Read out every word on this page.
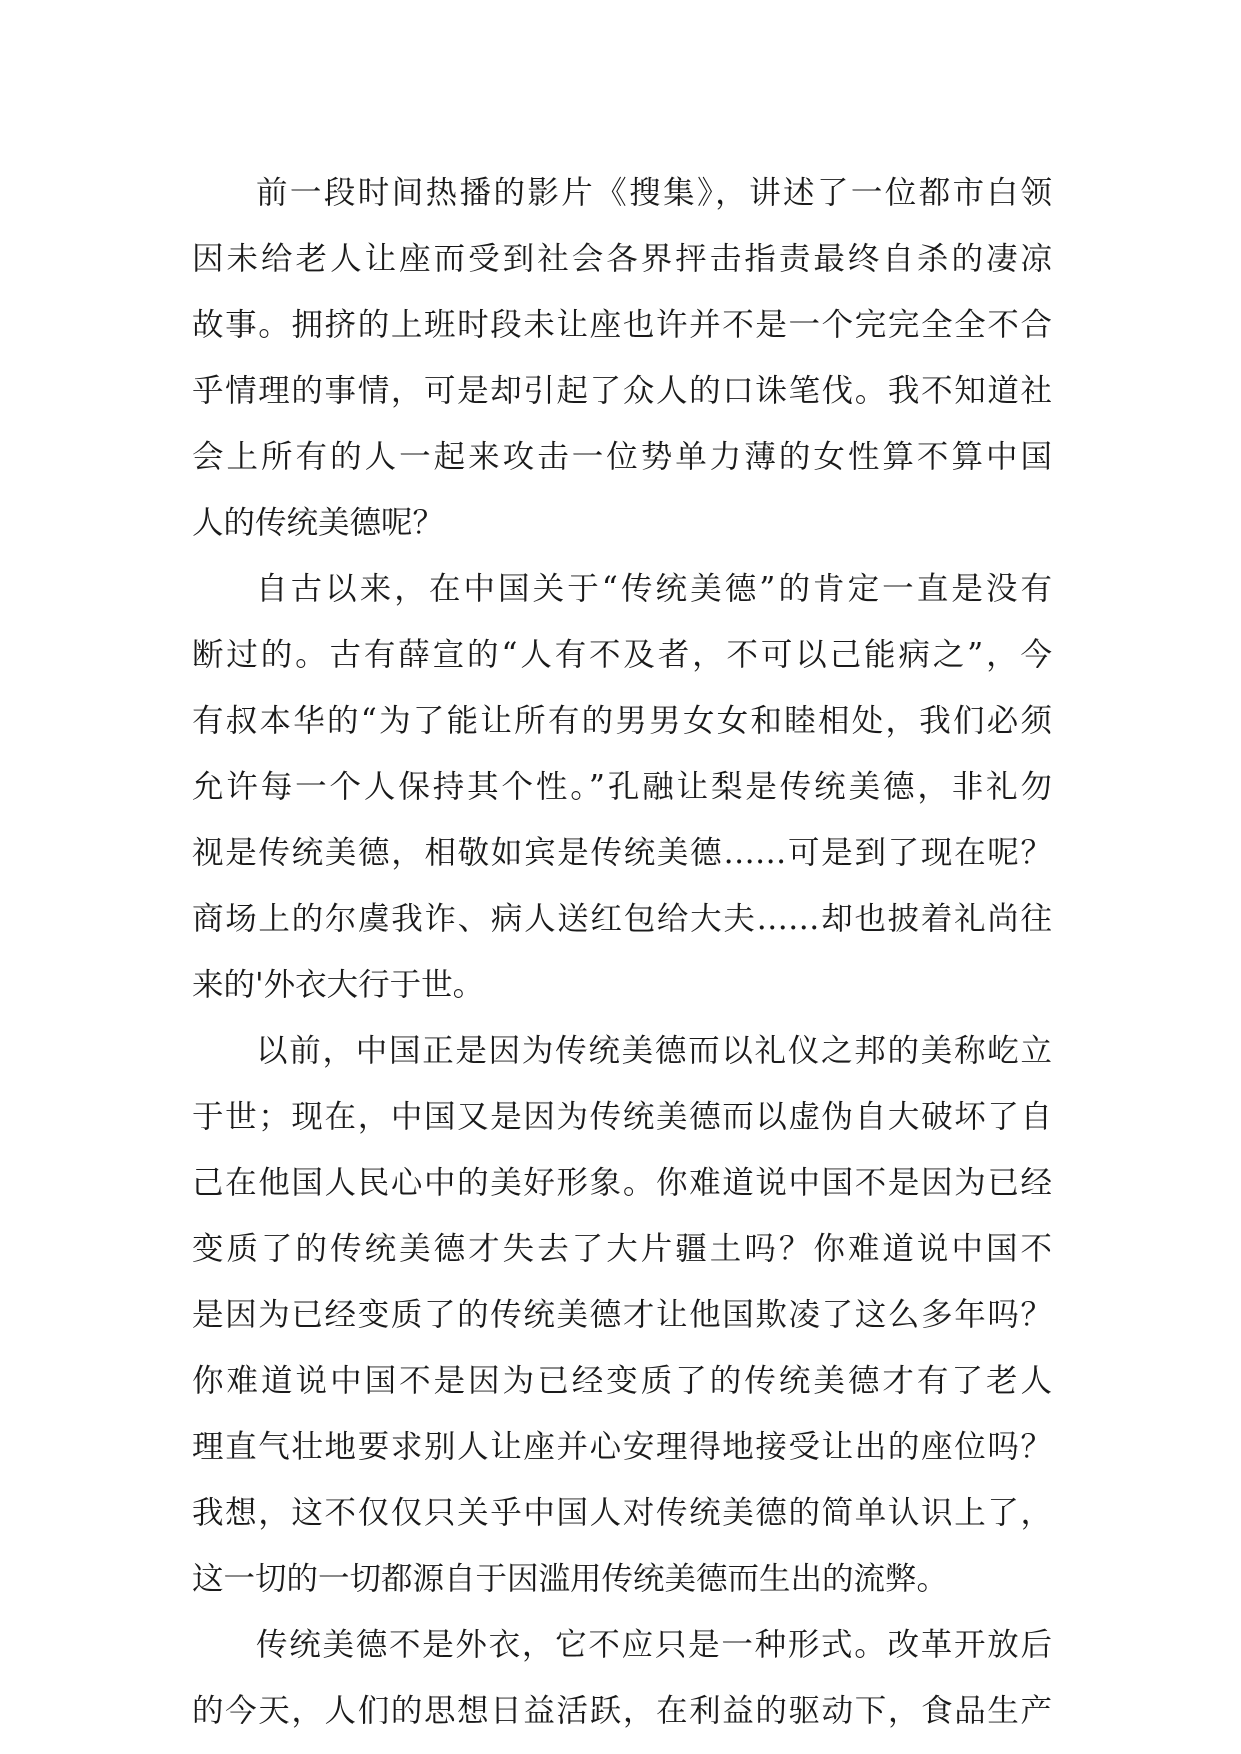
前一段时间热播的影片《搜集》，讲述了一位都市白领
因未给老人让座而受到社会各界抨击指责最终自杀的凄凉
故事。拥挤的上班时段未让座也许并不是一个完完全全不合
乎情理的事情，可是却引起了众人的口诛笔伐。我不知道社
会上所有的人一起来攻击一位势单力薄的女性算不算中国
人的传统美德呢？
自古以来，在中国关于“传统美德”的肯定一直是没有
断过的。古有薛宣的“人有不及者，不可以己能病之”，今
有叔本华的“为了能让所有的男男女女和睦相处，我们必须
允许每一个人保持其个性。”孔融让梨是传统美德，非礼勿
视是传统美德，相敬如宾是传统美德……可是到了现在呢？
商场上的尔虞我诈、病人送红包给大夫……却也披着礼尚往
来的'外衣大行于世。
以前，中国正是因为传统美德而以礼仪之邦的美称屹立
于世；现在，中国又是因为传统美德而以虚伪自大破坏了自
己在他国人民心中的美好形象。你难道说中国不是因为已经
变质了的传统美德才失去了大片疆土吗？你难道说中国不
是因为已经变质了的传统美德才让他国欺凌了这么多年吗？
你难道说中国不是因为已经变质了的传统美德才有了老人
理直气壮地要求别人让座并心安理得地接受让出的座位吗？
我想，这不仅仅只关乎中国人对传统美德的简单认识上了，
这一切的一切都源自于因滥用传统美德而生出的流弊。
传统美德不是外衣，它不应只是一种形式。改革开放后
的今天，人们的思想日益活跃，在利益的驱动下，食品生产
